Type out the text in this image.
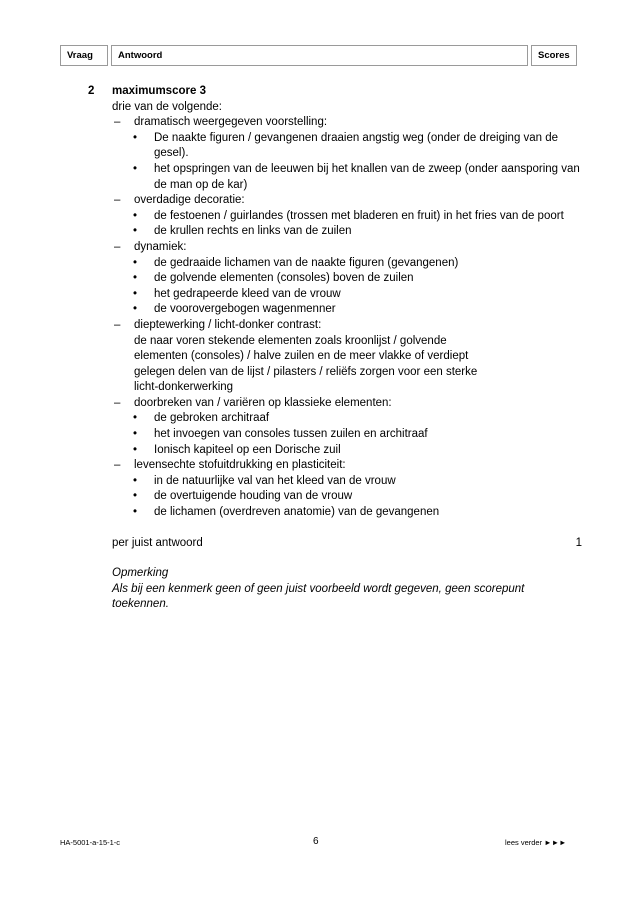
Vraag	Antwoord	Scores
2 maximumscore 3
drie van de volgende:
– dramatisch weergegeven voorstelling:
• De naakte figuren / gevangenen draaien angstig weg (onder de dreiging van de gesel).
• het opspringen van de leeuwen bij het knallen van de zweep (onder aansporing van de man op de kar)
– overdadige decoratie:
• de festoenen / guirlandes (trossen met bladeren en fruit) in het fries van de poort
• de krullen rechts en links van de zuilen
– dynamiek:
• de gedraaide lichamen van de naakte figuren (gevangenen)
• de golvende elementen (consoles) boven de zuilen
• het gedrapeerde kleed van de vrouw
• de voorovergebogen wagenmenner
– dieptewerking / licht-donker contrast:
de naar voren stekende elementen zoals kroonlijst / golvende
elementen (consoles) / halve zuilen en de meer vlakke of verdiept
gelegen delen van de lijst / pilasters / reliëfs zorgen voor een sterke
licht-donkerwerking
– doorbreken van / variëren op klassieke elementen:
• de gebroken architraaf
• het invoegen van consoles tussen zuilen en architraaf
• Ionisch kapiteel op een Dorische zuil
– levensechte stofuitdrukking en plasticiteit:
• in de natuurlijke val van het kleed van de vrouw
• de overtuigende houding van de vrouw
• de lichamen (overdreven anatomie) van de gevangenen
per juist antwoord	1
Opmerking
Als bij een kenmerk geen of geen juist voorbeeld wordt gegeven, geen scorepunt toekennen.
HA-5001-a-15-1-c	6	lees verder ►►►
